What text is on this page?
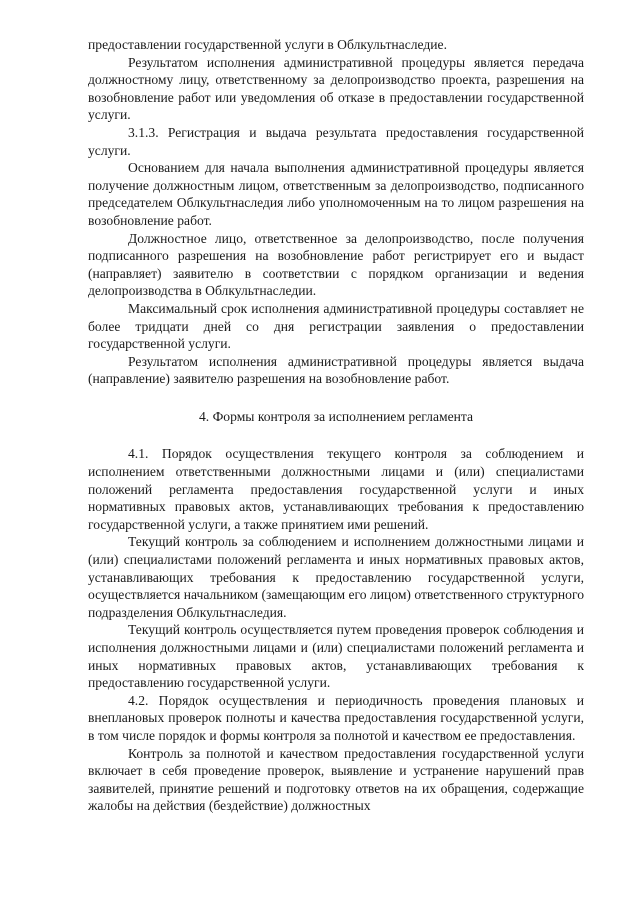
предоставлении государственной услуги в Облкультнаследие.

Результатом исполнения административной процедуры является передача должностному лицу, ответственному за делопроизводство проекта, разрешения на возобновление работ или уведомления об отказе в предоставлении государственной услуги.

3.1.3. Регистрация и выдача результата предоставления государственной услуги.

Основанием для начала выполнения административной процедуры является получение должностным лицом, ответственным за делопроизводство, подписанного председателем Облкультнаследия либо уполномоченным на то лицом разрешения на возобновление работ.

Должностное лицо, ответственное за делопроизводство, после получения подписанного разрешения на возобновление работ регистрирует его и выдаст (направляет) заявителю в соответствии с порядком организации и ведения делопроизводства в Облкультнаследии.

Максимальный срок исполнения административной процедуры составляет не более тридцати дней со дня регистрации заявления о предоставлении государственной услуги.

Результатом исполнения административной процедуры является выдача (направление) заявителю разрешения на возобновление работ.

4. Формы контроля за исполнением регламента

4.1. Порядок осуществления текущего контроля за соблюдением и исполнением ответственными должностными лицами и (или) специалистами положений регламента предоставления государственной услуги и иных нормативных правовых актов, устанавливающих требования к предоставлению государственной услуги, а также принятием ими решений.

Текущий контроль за соблюдением и исполнением должностными лицами и (или) специалистами положений регламента и иных нормативных правовых актов, устанавливающих требования к предоставлению государственной услуги, осуществляется начальником (замещающим его лицом) ответственного структурного подразделения Облкультнаследия.

Текущий контроль осуществляется путем проведения проверок соблюдения и исполнения должностными лицами и (или) специалистами положений регламента и иных нормативных правовых актов, устанавливающих требования к предоставлению государственной услуги.

4.2. Порядок осуществления и периодичность проведения плановых и внеплановых проверок полноты и качества предоставления государственной услуги, в том числе порядок и формы контроля за полнотой и качеством ее предоставления.

Контроль за полнотой и качеством предоставления государственной услуги включает в себя проведение проверок, выявление и устранение нарушений прав заявителей, принятие решений и подготовку ответов на их обращения, содержащие жалобы на действия (бездействие) должностных
